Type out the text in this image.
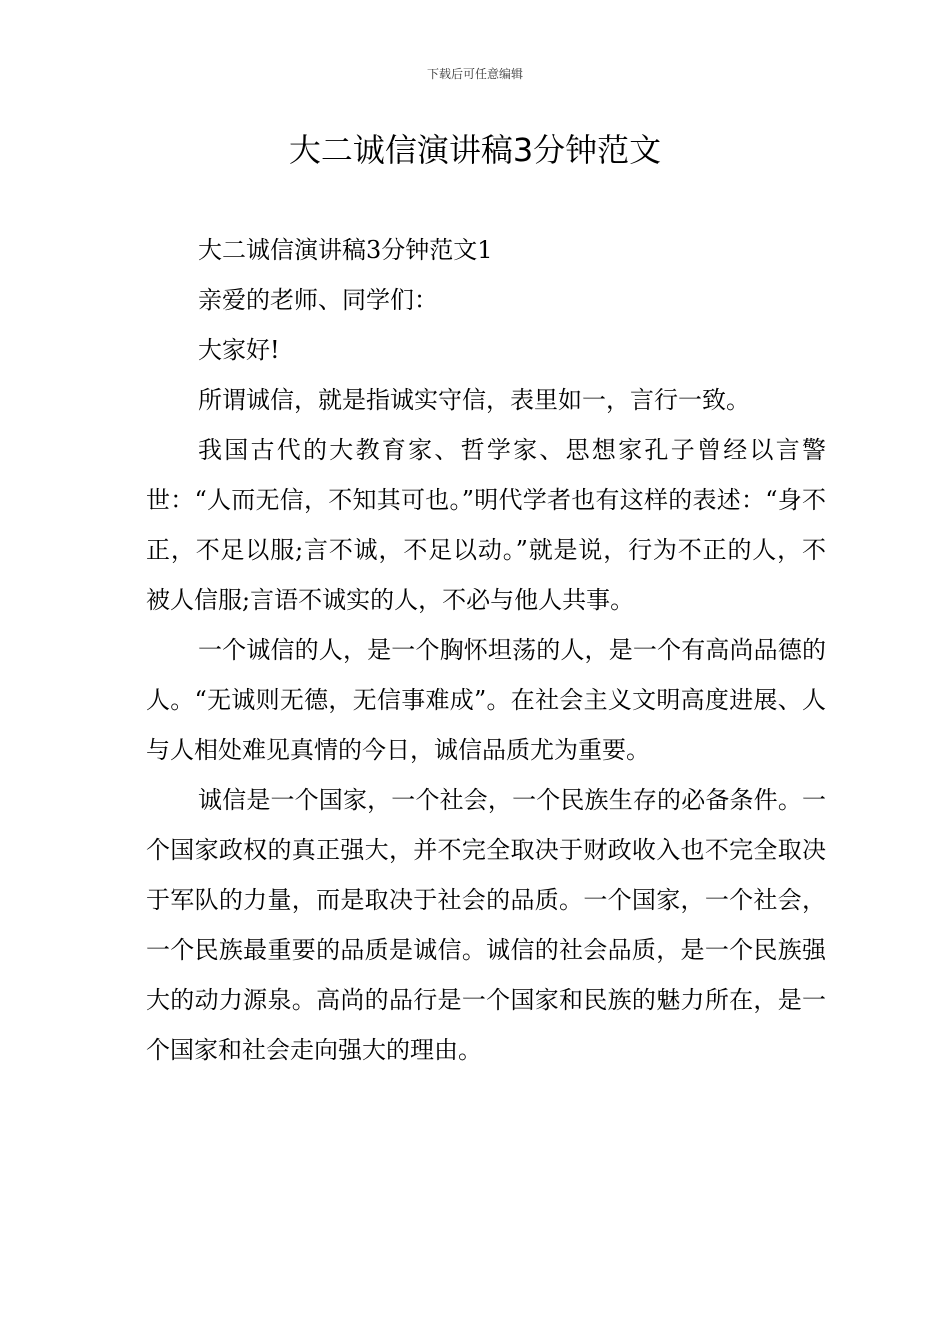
下载后可任意编辑
大二诚信演讲稿3分钟范文

大二诚信演讲稿3分钟范文1

亲爱的老师、同学们：

大家好!

所谓诚信，就是指诚实守信，表里如一，言行一致。

我国古代的大教育家、哲学家、思想家孔子曾经以言警世：“人而无信，不知其可也。”明代学者也有这样的表述：“身不正，不足以服;言不诚，不足以动。”就是说，行为不正的人，不被人信服;言语不诚实的人，不必与他人共事。

一个诚信的人，是一个胸怀坦荡的人，是一个有高尚品德的人。“无诚则无德，无信事难成”。在社会主义文明高度进展、人与人相处难见真情的今日，诚信品质尤为重要。

诚信是一个国家，一个社会，一个民族生存的必备条件。一个国家政权的真正强大，并不完全取决于财政收入也不完全取决于军队的力量，而是取决于社会的品质。一个国家，一个社会，一个民族最重要的品质是诚信。诚信的社会品质，是一个民族强大的动力源泉。高尚的品行是一个国家和民族的魅力所在，是一个国家和社会走向强大的理由。
